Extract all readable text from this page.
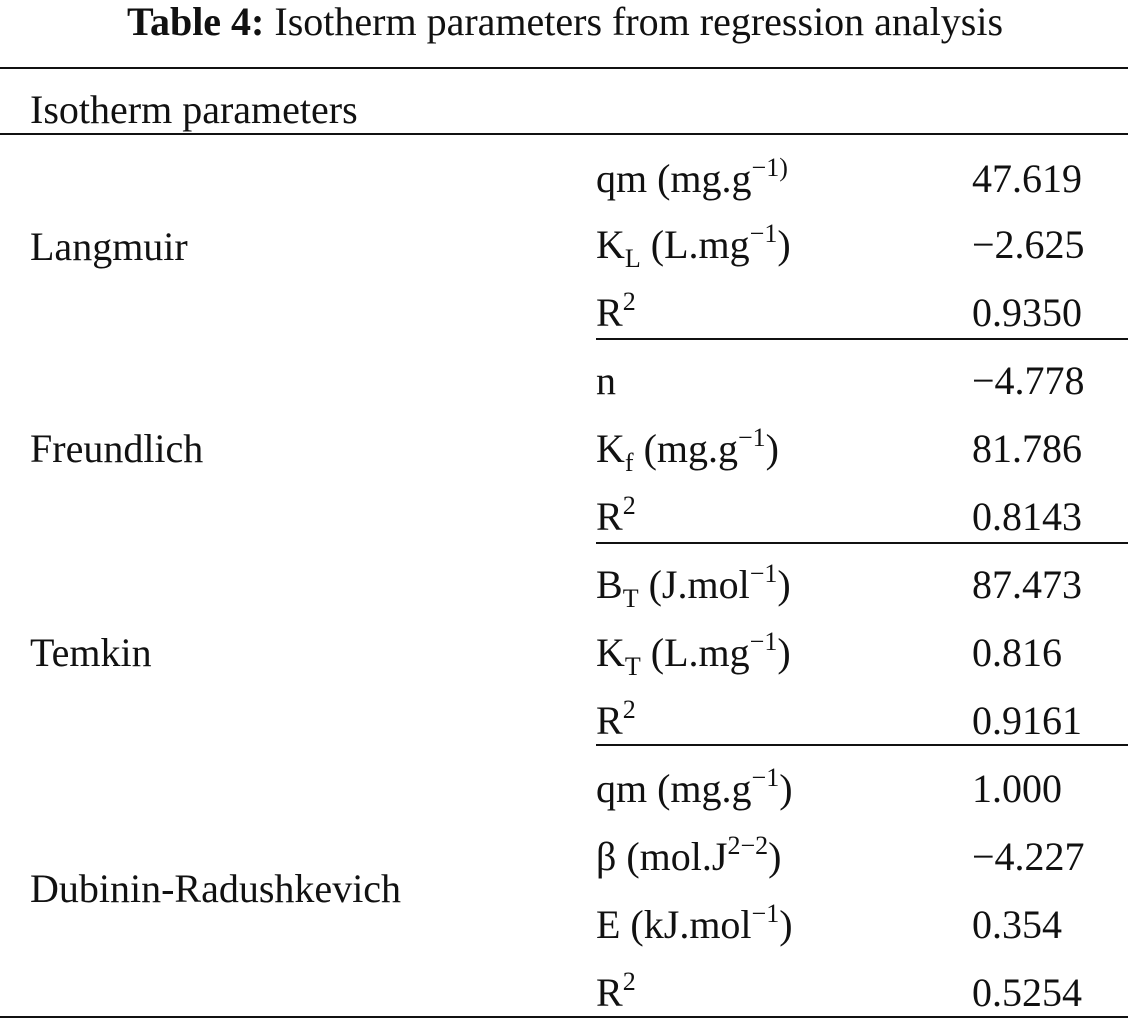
Table 4: Isotherm parameters from regression analysis
Isotherm parameters
Langmuir
qm ($mg.g^{-1)}$	47.619
$K_L$ $(L.mg^{-1})$	−2.625
$R^2$	0.9350
Freundlich
n	−4.778
$K_f$ $(mg.g^{-1})$	81.786
$R^2$	0.8143
Temkin
$B_T$ (J.mol$^{-1}$)	87.473
$K_T$ $(L.mg^{-1})$	0.816
$R^2$	0.9161
Dubinin-Radushkevich
qm $(mg.g^{-1})$	1.000
β $(mol.J^{2-2})$	−4.227
E (kJ.mol$^{-1}$)	0.354
$R^2$	0.5254
